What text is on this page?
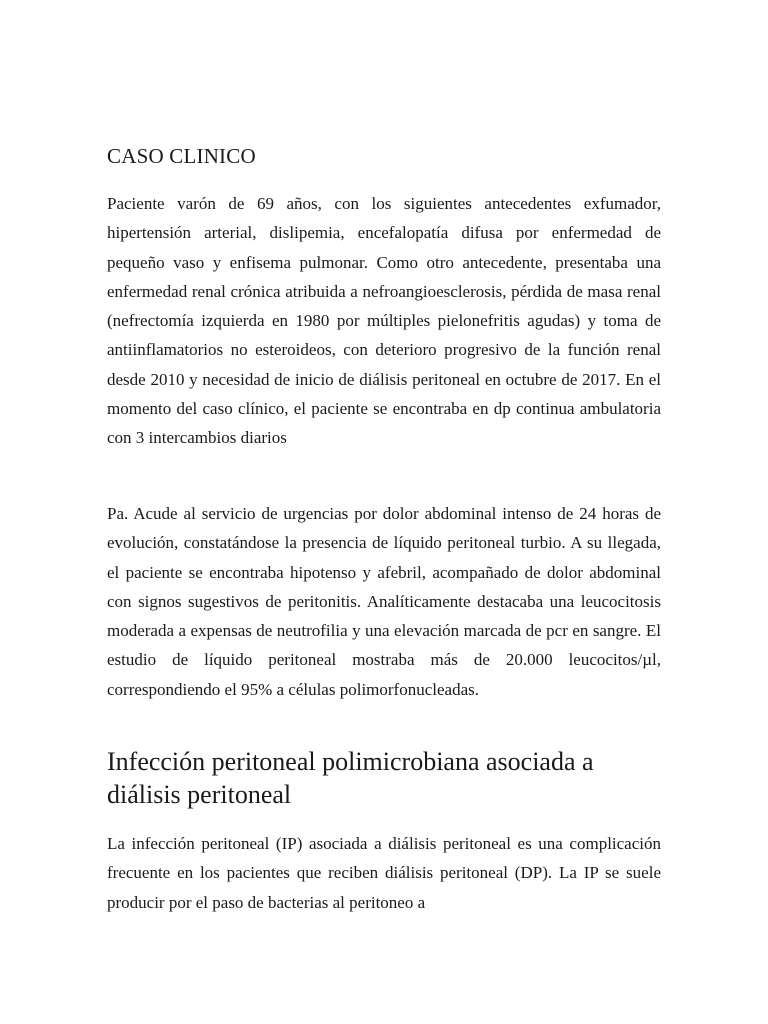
CASO CLINICO

Paciente varón de 69 años, con los siguientes antecedentes exfumador, hipertensión arterial, dislipemia, encefalopatía difusa por enfermedad de pequeño vaso y enfisema pulmonar. Como otro antecedente, presentaba una enfermedad renal crónica atribuida a nefroangioesclerosis, pérdida de masa renal (nefrectomía izquierda en 1980 por múltiples pielonefritis agudas) y toma de antiinflamatorios no esteroideos, con deterioro progresivo de la función renal desde 2010 y necesidad de inicio de diálisis peritoneal en octubre de 2017. En el momento del caso clínico, el paciente se encontraba en dp continua ambulatoria con 3 intercambios diarios

Pa. Acude al servicio de urgencias por dolor abdominal intenso de 24 horas de evolución, constatándose la presencia de líquido peritoneal turbio. A su llegada, el paciente se encontraba hipotenso y afebril, acompañado de dolor abdominal con signos sugestivos de peritonitis. Analíticamente destacaba una leucocitosis moderada a expensas de neutrofilia y una elevación marcada de pcr en sangre. El estudio de líquido peritoneal mostraba más de 20.000 leucocitos/µl, correspondiendo el 95% a células polimorfonucleadas.

Infección peritoneal polimicrobiana asociada a diálisis peritoneal

La infección peritoneal (IP) asociada a diálisis peritoneal es una complicación frecuente en los pacientes que reciben diálisis peritoneal (DP). La IP se suele producir por el paso de bacterias al peritoneo a
